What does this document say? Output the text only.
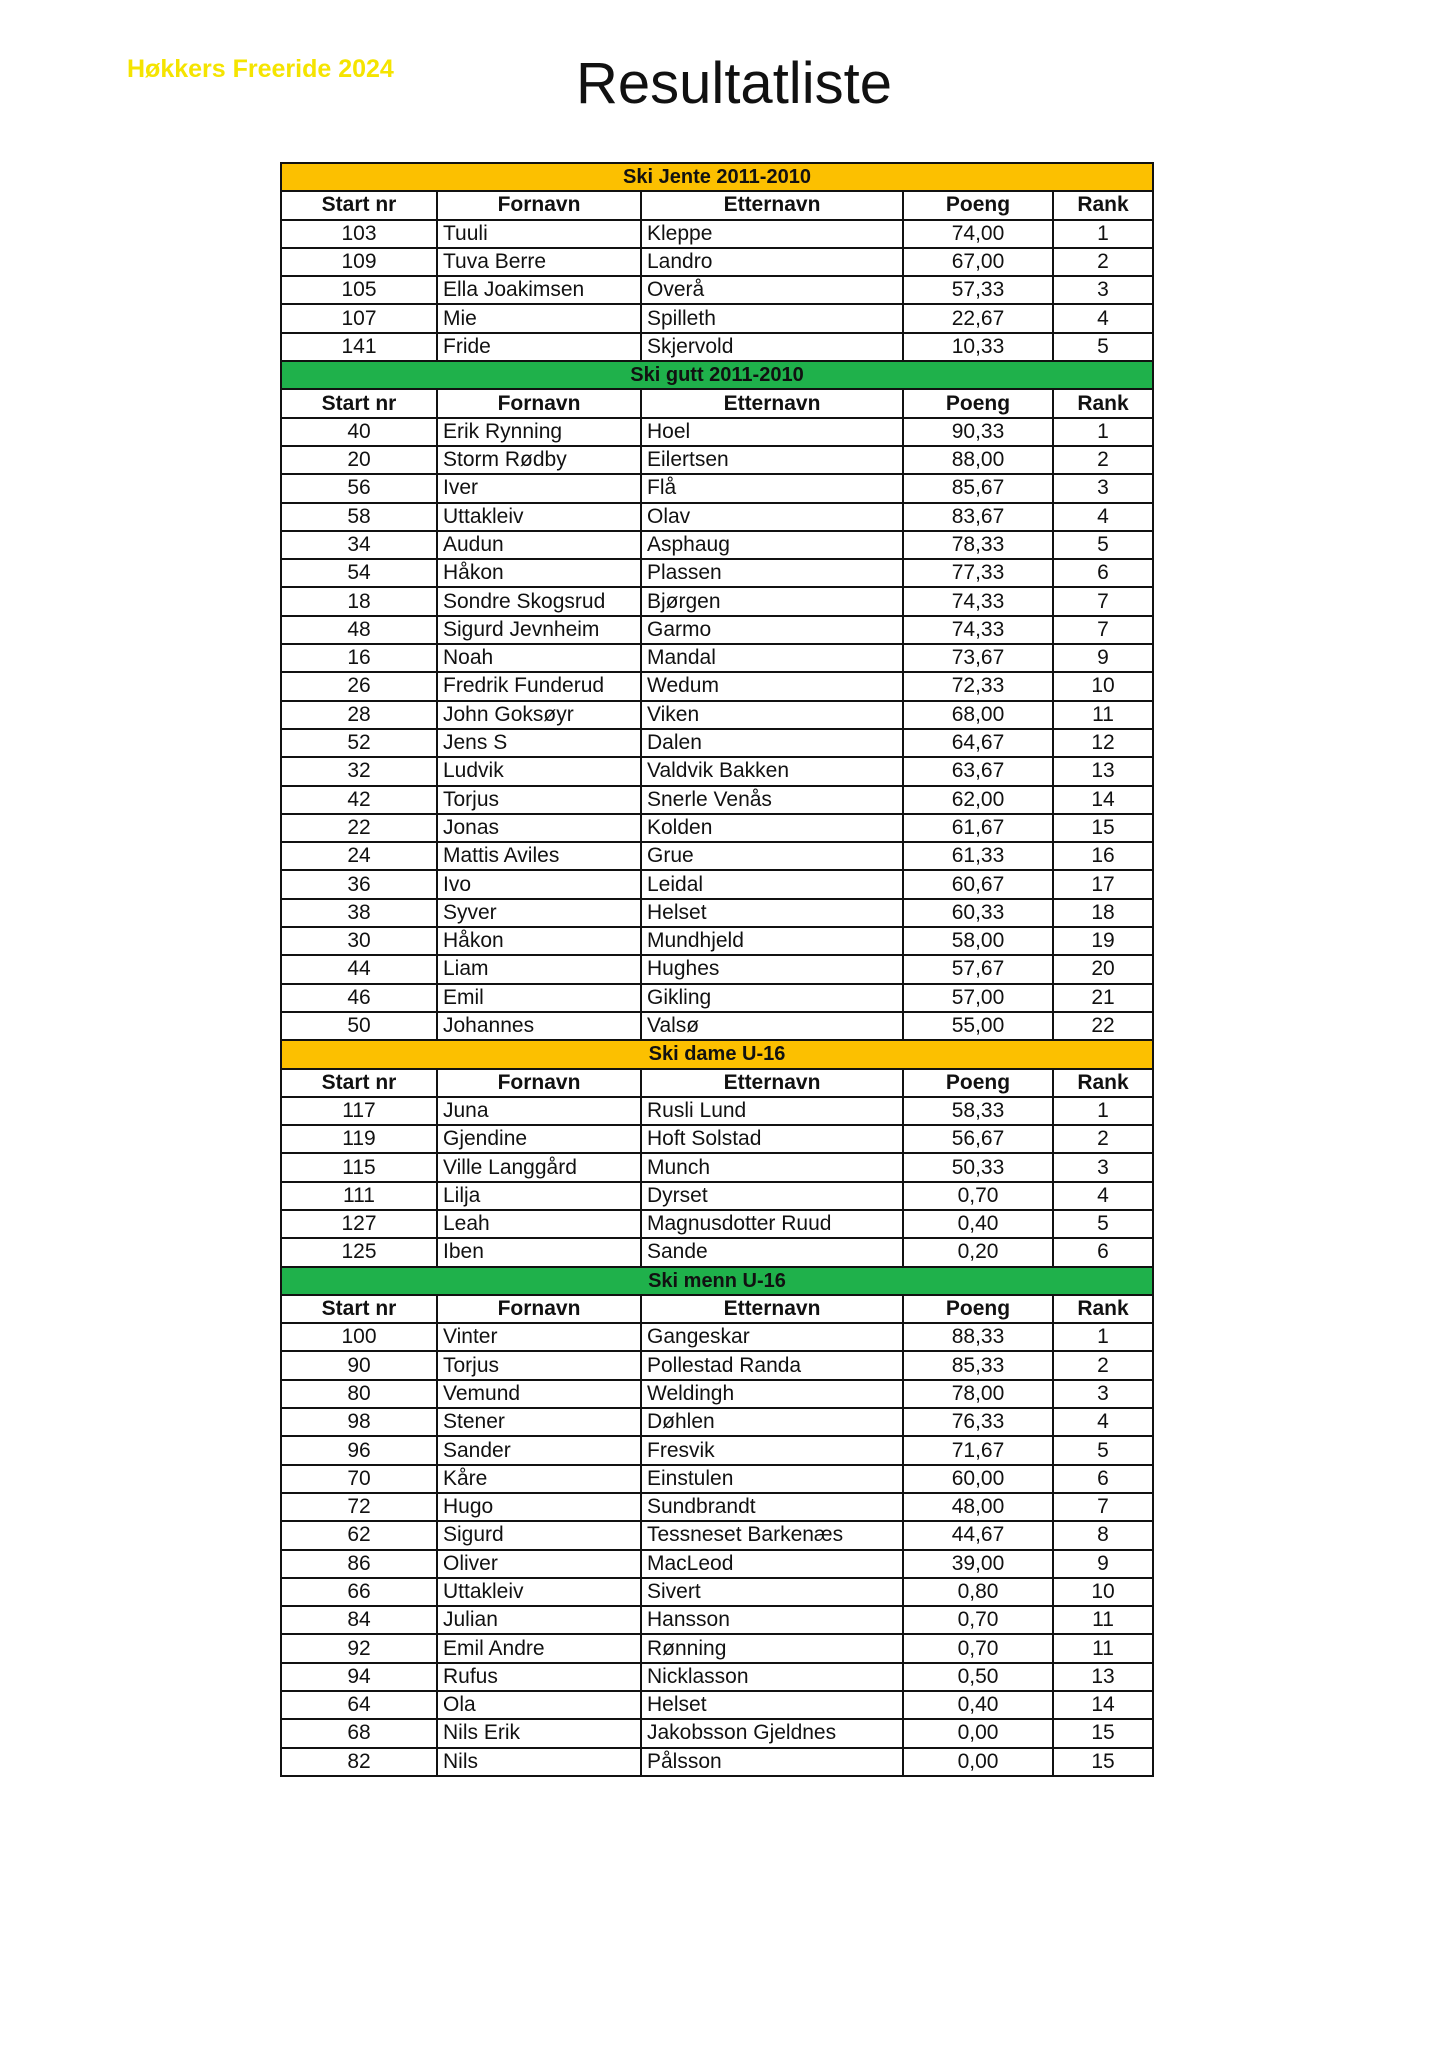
Høkkers Freeride 2024	Resultatliste
Ski Jente 2011-2010				
Start nr	Fornavn	Etternavn	Poeng	Rank
103	Tuuli	Kleppe	74,00	1
109	Tuva Berre	Landro	67,00	2
105	Ella Joakimsen	Overå	57,33	3
107	Mie	Spilleth	22,67	4
141	Fride	Skjervold	10,33	5
Ski gutt 2011-2010				
Start nr	Fornavn	Etternavn	Poeng	Rank
40	Erik Rynning	Hoel	90,33	1
20	Storm Rødby	Eilertsen	88,00	2
56	Iver	Flå	85,67	3
58	Uttakleiv	Olav	83,67	4
34	Audun	Asphaug	78,33	5
54	Håkon	Plassen	77,33	6
18	Sondre Skogsrud	Bjørgen	74,33	7
48	Sigurd Jevnheim	Garmo	74,33	7
16	Noah	Mandal	73,67	9
26	Fredrik Funderud	Wedum	72,33	10
28	John Goksøyr	Viken	68,00	11
52	Jens S	Dalen	64,67	12
32	Ludvik	Valdvik Bakken	63,67	13
42	Torjus	Snerle Venås	62,00	14
22	Jonas	Kolden	61,67	15
24	Mattis Aviles	Grue	61,33	16
36	Ivo	Leidal	60,67	17
38	Syver	Helset	60,33	18
30	Håkon	Mundhjeld	58,00	19
44	Liam	Hughes	57,67	20
46	Emil	Gikling	57,00	21
50	Johannes	Valsø	55,00	22
Ski dame U-16				
Start nr	Fornavn	Etternavn	Poeng	Rank
117	Juna	Rusli Lund	58,33	1
119	Gjendine	Hoft Solstad	56,67	2
115	Ville Langgård	Munch	50,33	3
111	Lilja	Dyrset	0,70	4
127	Leah	Magnusdotter Ruud	0,40	5
125	Iben	Sande	0,20	6
Ski menn U-16				
Start nr	Fornavn	Etternavn	Poeng	Rank
100	Vinter	Gangeskar	88,33	1
90	Torjus	Pollestad Randa	85,33	2
80	Vemund	Weldingh	78,00	3
98	Stener	Døhlen	76,33	4
96	Sander	Fresvik	71,67	5
70	Kåre	Einstulen	60,00	6
72	Hugo	Sundbrandt	48,00	7
62	Sigurd	Tessneset Barkenæs	44,67	8
86	Oliver	MacLeod	39,00	9
66	Uttakleiv	Sivert	0,80	10
84	Julian	Hansson	0,70	11
92	Emil Andre	Rønning	0,70	11
94	Rufus	Nicklasson	0,50	13
64	Ola	Helset	0,40	14
68	Nils Erik	Jakobsson Gjeldnes	0,00	15
82	Nils	Pålsson	0,00	15
